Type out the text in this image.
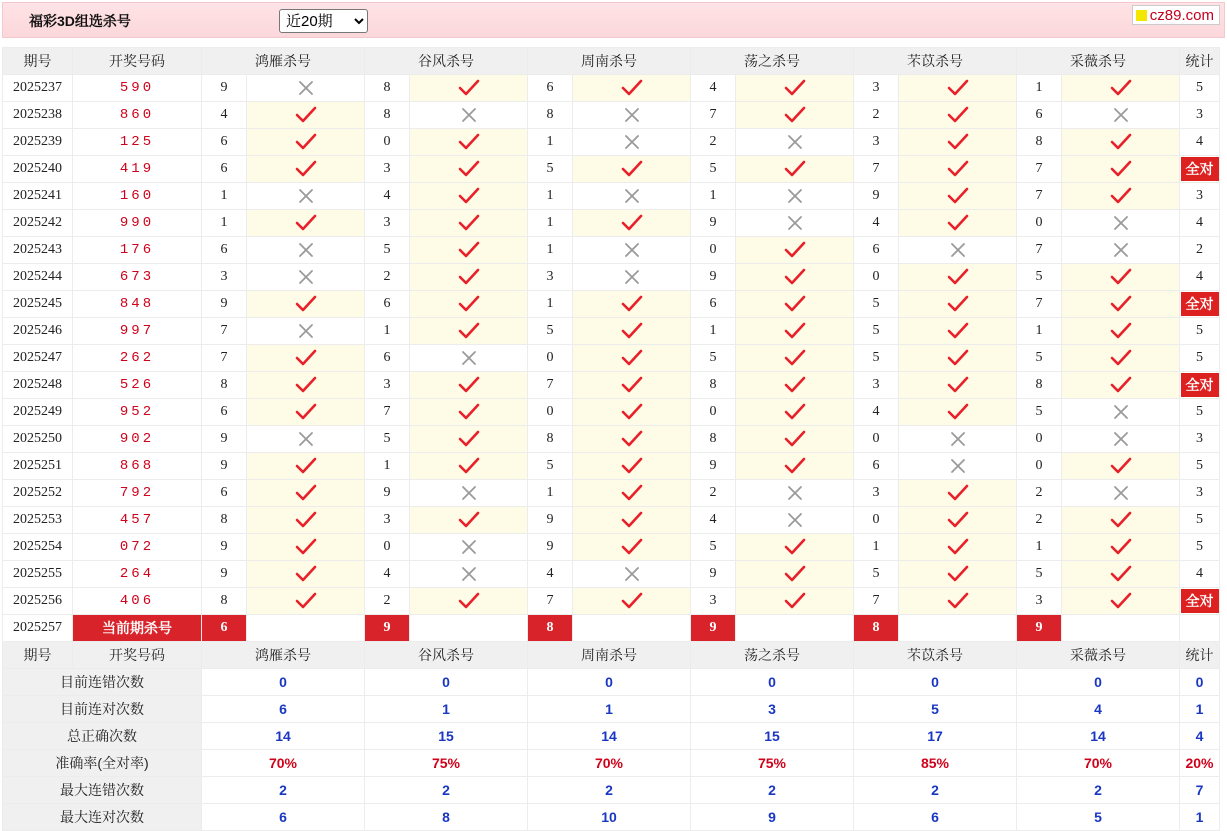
福彩3D组选杀号
近20期	cz89.com
期号	开奖号码	鸿雁杀号		谷风杀号		周南杀号		荡之杀号		芣苡杀号		采薇杀号		统计
2025237	590	9		8		6		4		3		1		5
2025238	860	4		8		8		7		2		6		3
2025239	125	6		0		1		2		3		8		4
2025240	419	6		3		5		5		7		7		全对
2025241	160	1		4		1		1		9		7		3
2025242	990	1		3		1		9		4		0		4
2025243	176	6		5		1		0		6		7		2
2025244	673	3		2		3		9		0		5		4
2025245	848	9		6		1		6		5		7		全对
2025246	997	7		1		5		1		5		1		5
2025247	262	7		6		0		5		5		5		5
2025248	526	8		3		7		8		3		8		全对
2025249	952	6		7		0		0		4		5		5
2025250	902	9		5		8		8		0		0		3
2025251	868	9		1		5		9		6		0		5
2025252	792	6		9		1		2		3		2		3
2025253	457	8		3		9		4		0		2		5
2025254	072	9		0		9		5		1		1		5
2025255	264	9		4		4		9		5		5		4
2025256	406	8		2		7		3		7		3		全对
2025257	当前期杀号	6		9		8		9		8		9		
期号	开奖号码	鸿雁杀号		谷风杀号		周南杀号		荡之杀号		芣苡杀号		采薇杀号		统计
目前连错次数		0		0		0		0		0		0		0
目前连对次数		6		1		1		3		5		4		1
总正确次数		14		15		14		15		17		14		4
准确率(全对率)		70%		75%		70%		75%		85%		70%		20%
最大连错次数		2		2		2		2		2		2		7
最大连对次数		6		8		10		9		6		5		1
